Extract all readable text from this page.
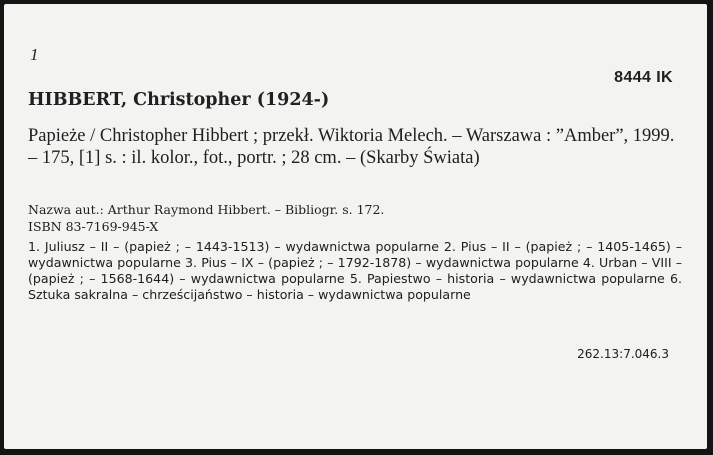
1
8444 IK
HIBBERT, Christopher (1924-)

Papieże / Christopher Hibbert ; przekł. Wiktoria Melech. – Warszawa : ”Amber”, 1999. – 175, [1] s. : il. kolor., fot., portr. ; 28 cm. – (Skarby Świata)

Nazwa aut.: Arthur Raymond Hibbert. – Bibliogr. s. 172.
ISBN 83-7169-945-X

1. Juliusz – II – (papież ; – 1443-1513) – wydawnictwa popularne 2. Pius – II – (papież ; – 1405-1465) – wydawnictwa popularne 3. Pius – IX – (papież ; – 1792-1878) – wydawnictwa popularne 4. Urban – VIII – (papież ; – 1568-1644) – wydawnictwa popularne 5. Papiestwo – historia – wydawnictwa popularne 6. Sztuka sakralna – chrześcijaństwo – historia – wydawnictwa popularne

262.13:7.046.3
